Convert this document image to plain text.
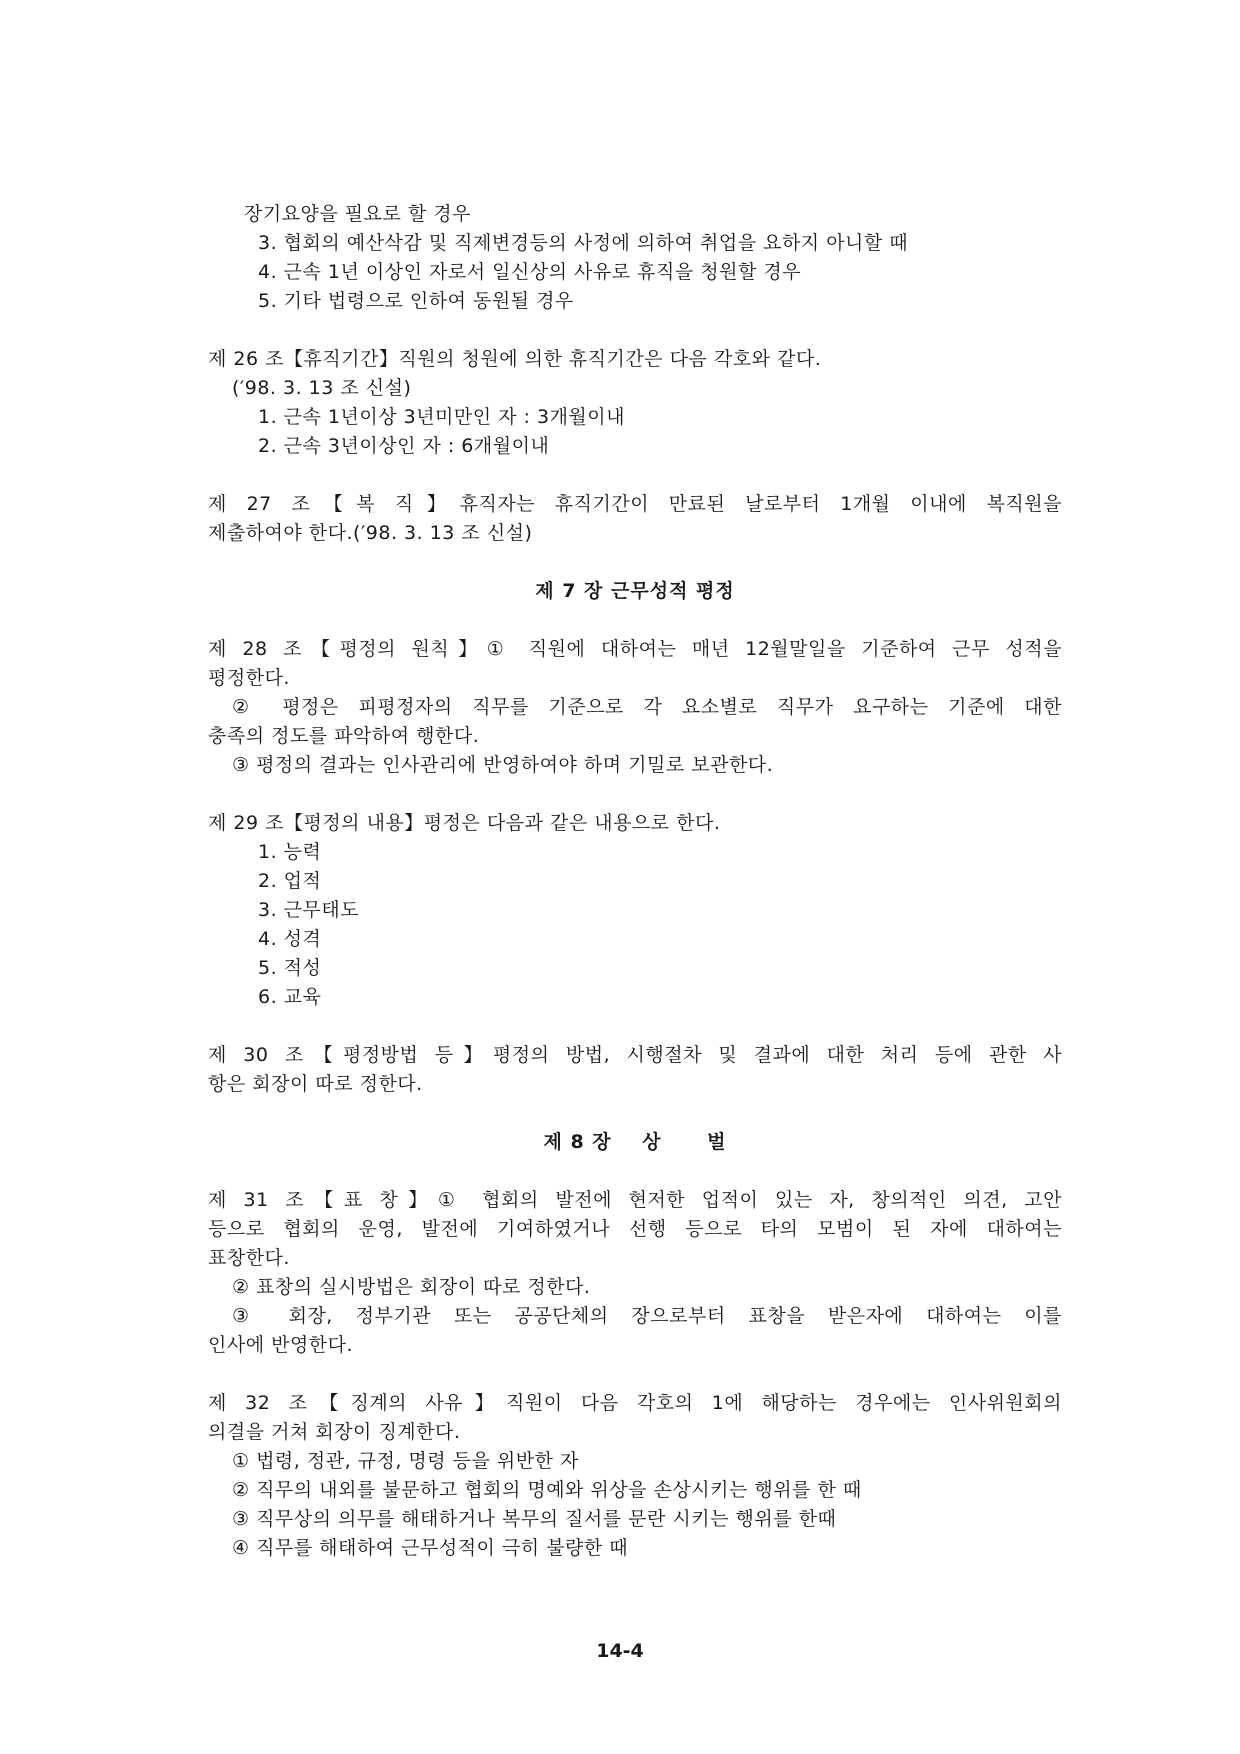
장기요양을 필요로 할 경우
3. 협회의 예산삭감 및 직제변경등의 사정에 의하여 취업을 요하지 아니할 때
4. 근속 1년 이상인 자로서 일신상의 사유로 휴직을 청원할 경우
5. 기타 법령으로 인하여 동원될 경우
제 26 조【휴직기간】직원의 청원에 의한 휴직기간은 다음 각호와 같다.
(′98. 3. 13 조 신설)
1. 근속 1년이상 3년미만인 자 : 3개월이내
2. 근속 3년이상인 자 : 6개월이내
제 27 조【복 직】휴직자는 휴직기간이 만료된 날로부터 1개월 이내에 복직원을
제출하여야 한다.(′98. 3. 13 조 신설)
제 7 장 근무성적 평정
제 28 조【평정의 원칙】① 직원에 대하여는 매년 12월말일을 기준하여 근무 성적을
평정한다.
② 평정은 피평정자의 직무를 기준으로 각 요소별로 직무가 요구하는 기준에 대한
충족의 정도를 파악하여 행한다.
③ 평정의 결과는 인사관리에 반영하여야 하며 기밀로 보관한다.
제 29 조【평정의 내용】평정은 다음과 같은 내용으로 한다.
1. 능력
2. 업적
3. 근무태도
4. 성격
5. 적성
6. 교육
제 30 조【평정방법 등】평정의 방법, 시행절차 및 결과에 대한 처리 등에 관한 사
항은 회장이 따로 정한다.
제 8 장    상      벌
제 31 조【표 창】① 협회의 발전에 현저한 업적이 있는 자, 창의적인 의견, 고안
등으로 협회의 운영, 발전에 기여하였거나 선행 등으로 타의 모범이 된 자에 대하여는
표창한다.
② 표창의 실시방법은 회장이 따로 정한다.
③ 회장, 정부기관 또는 공공단체의 장으로부터 표창을 받은자에 대하여는 이를
인사에 반영한다.
제 32 조【징계의 사유】직원이 다음 각호의 1에 해당하는 경우에는 인사위원회의
의결을 거쳐 회장이 징계한다.
① 법령, 정관, 규정, 명령 등을 위반한 자
② 직무의 내외를 불문하고 협회의 명예와 위상을 손상시키는 행위를 한 때
③ 직무상의 의무를 해태하거나 복무의 질서를 문란 시키는 행위를 한때
④ 직무를 해태하여 근무성적이 극히 불량한 때
14-4
